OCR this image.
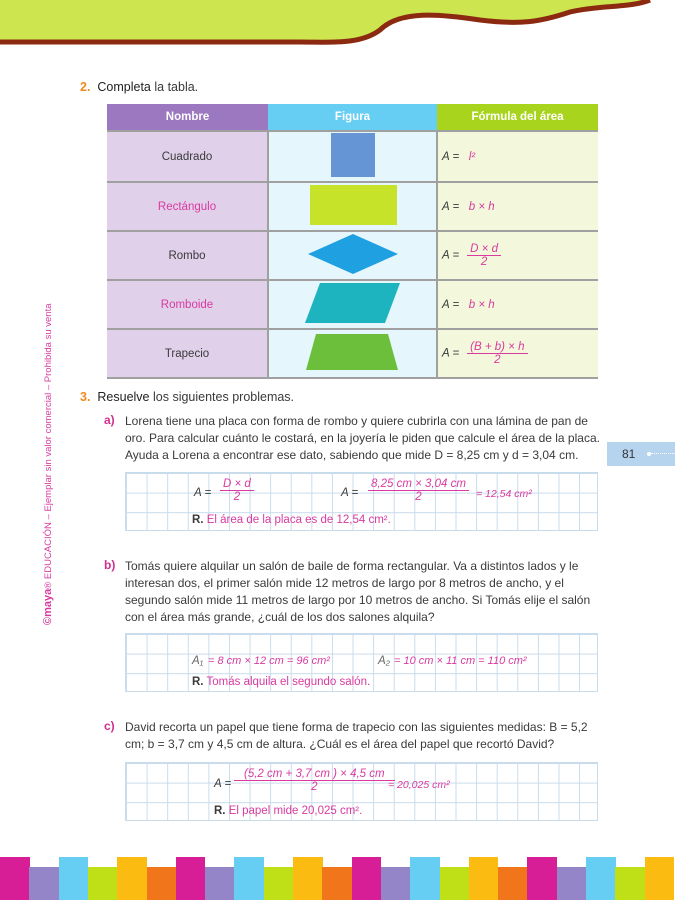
2. Completa la tabla.
Nombre	Figura	Fórmula del área
Cuadrado		A = l²
Rectángulo		A = b × h
Rombo		$A = \frac{D \times d}{2}$

Romboide		A = b × h
Trapecio		$A = \frac{(B + b) \times h}{2}$
3. Resuelve los siguientes problemas.
a) Lorena tiene una placa con forma de rombo y quiere cubrirla con una lámina de pan de oro. Para calcular cuánto le costará, en la joyería le piden que calcule el área de la placa. Ayuda a Lorena a encontrar ese dato, sabiendo que mide D = 8,25 cm y d = 3,04 cm.	81
$A = \frac{D \times d}{2}$	$A = \frac{8,25 cm \times 3,04 cm}{2} = 12,54$ cm²
R. El área de la placa es de 12,54 cm².
b) Tomás quiere alquilar un salón de baile de forma rectangular. Va a distintos lados y le interesan dos, el primer salón mide 12 metros de largo por 8 metros de ancho, y el segundo salón mide 11 metros de largo por 10 metros de ancho. Si Tomás elije el salón con el área más grande, ¿cuál de los dos salones alquila?
A₁ = 8 cm × 12 cm = 96 cm²	A₂ = 10 cm × 11 cm = 110 cm²
R. Tomás alquila el segundo salón.
c) David recorta un papel que tiene forma de trapecio con las siguientes medidas: B = 5,2 cm; b = 3,7 cm y 4,5 cm de altura. ¿Cuál es el área del papel que recortó David?
$A = \frac{(5,2 cm + 3,7 cm ) \times 4,5 cm}{2}$
= 20,025 cm²
R. El papel mide 20,025 cm².
©maya® EDUCACIÓN – Ejemplar sin valor comercial – Prohibida su venta
